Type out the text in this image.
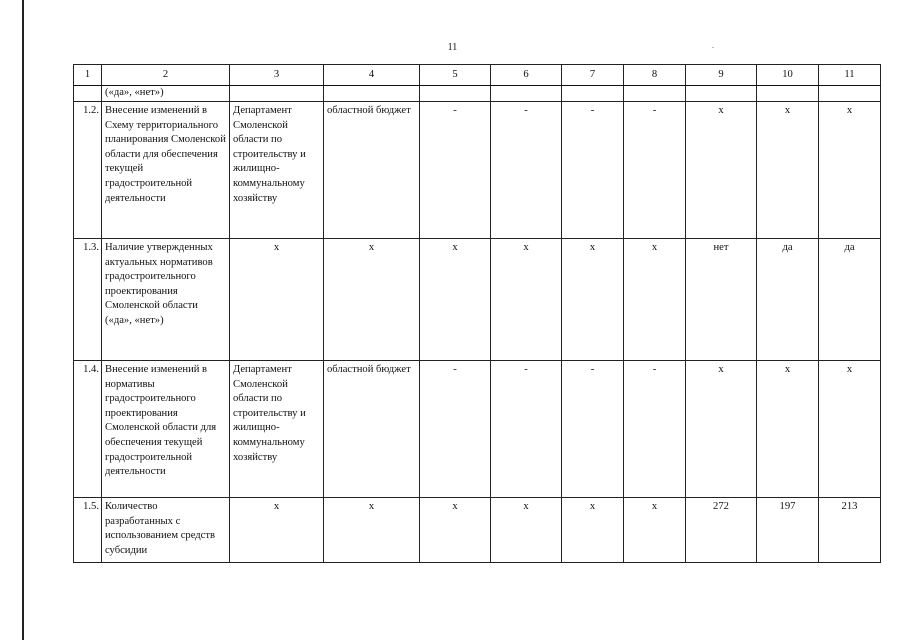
11
1	2	3	4	5	6	7	8	9	10	11
	(«да», «нет»)									
1.2.	Внесение изменений в Схему территориального планирования Смоленской области для обеспечения текущей градостроительной деятельности	Департамент Смоленской области по строительству и жилищно-коммунальному хозяйству	областной бюджет	-	-	-	-	х	х	х
1.3.	Наличие утвержденных актуальных нормативов градостроительного проектирования Смоленской области («да», «нет»)	х	х	х	х	х	х	нет	да	да
1.4.	Внесение изменений в нормативы градостроительного проектирования Смоленской области для обеспечения текущей градостроительной деятельности	Департамент Смоленской области по строительству и жилищно-коммунальному хозяйству	областной бюджет	-	-	-	-	х	х	х
1.5.	Количество разработанных с использованием средств субсидии	х	х	х	х	х	х	272	197	213
